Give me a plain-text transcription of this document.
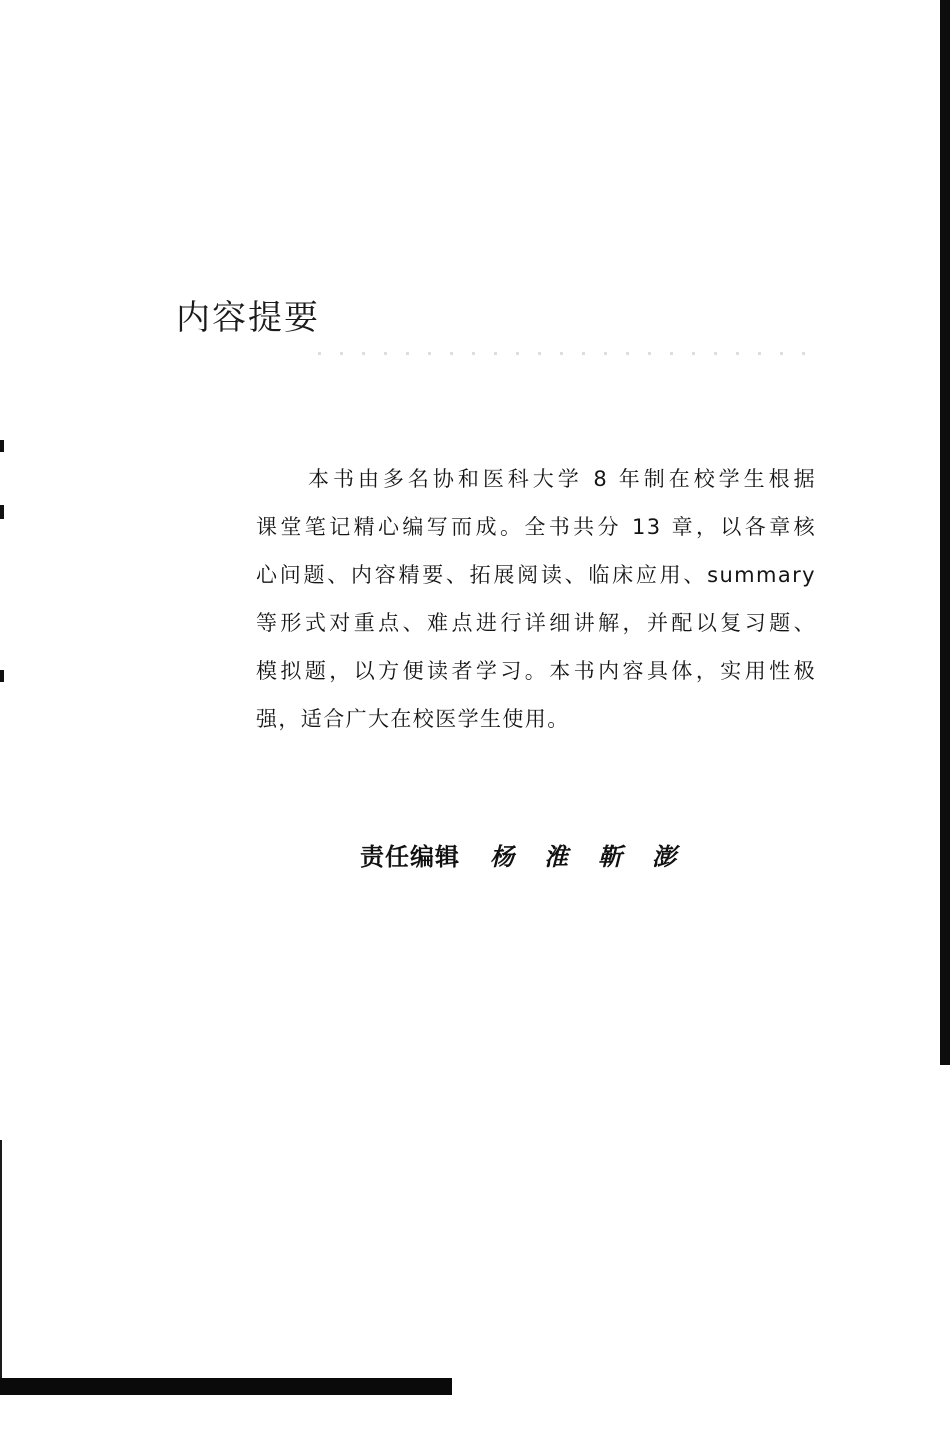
内容提要
本书由多名协和医科大学 8 年制在校学生根据
课堂笔记精心编写而成。全书共分 13 章，以各章核
心问题、内容精要、拓展阅读、临床应用、summary
等形式对重点、难点进行详细讲解，并配以复习题、
模拟题，以方便读者学习。本书内容具体，实用性极
强，适合广大在校医学生使用。
责任编辑 杨淮靳澎
